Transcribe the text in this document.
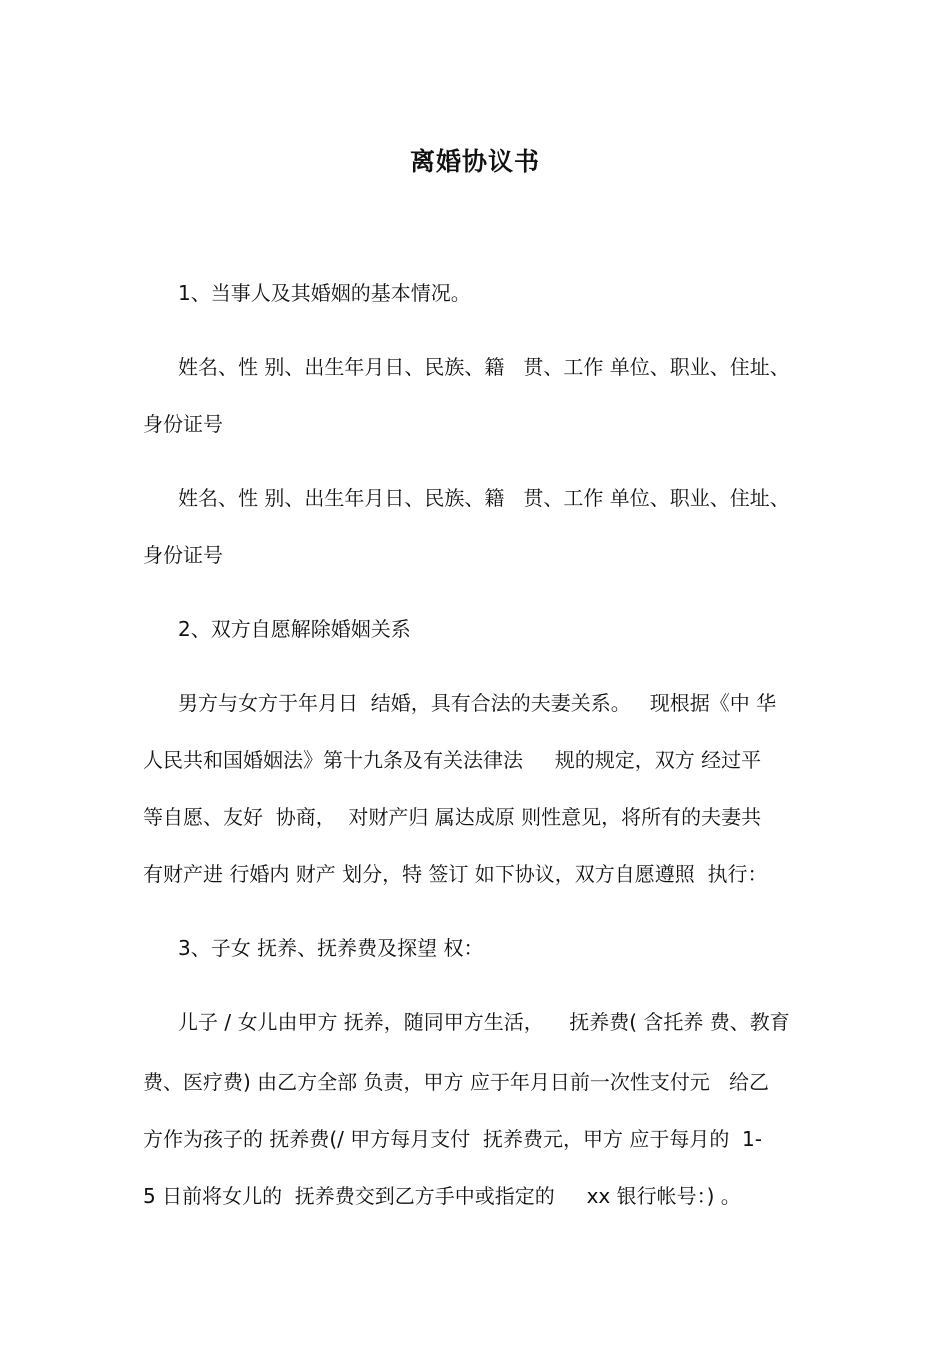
离婚协议书

1、当事人及其婚姻的基本情况。

姓名、性 别、出生年月日、民族、籍   贯、工作 单位、职业、住址、

身份证号

姓名、性 别、出生年月日、民族、籍   贯、工作 单位、职业、住址、

身份证号

2、双方自愿解除婚姻关系

男方与女方于年月日  结婚，具有合法的夫妻关系。   现根据《中 华

人民共和国婚姻法》第十九条及有关法律法     规的规定，双方 经过平

等自愿、友好  协商，  对财产归 属达成原 则性意见，将所有的夫妻共

有财产进 行婚内 财产 划分，特 签订 如下协议，双方自愿遵照  执行：

3、子女 抚养、抚养费及探望 权：

儿子 / 女儿由甲方 抚养，随同甲方生活，    抚养费( 含托养 费、教育

费、医疗费) 由乙方全部 负责，甲方 应于年月日前一次性支付元   给乙

方作为孩子的 抚养费(/ 甲方每月支付  抚养费元，甲方 应于每月的  1-

5 日前将女儿的  抚养费交到乙方手中或指定的     xx 银行帐号：) 。
